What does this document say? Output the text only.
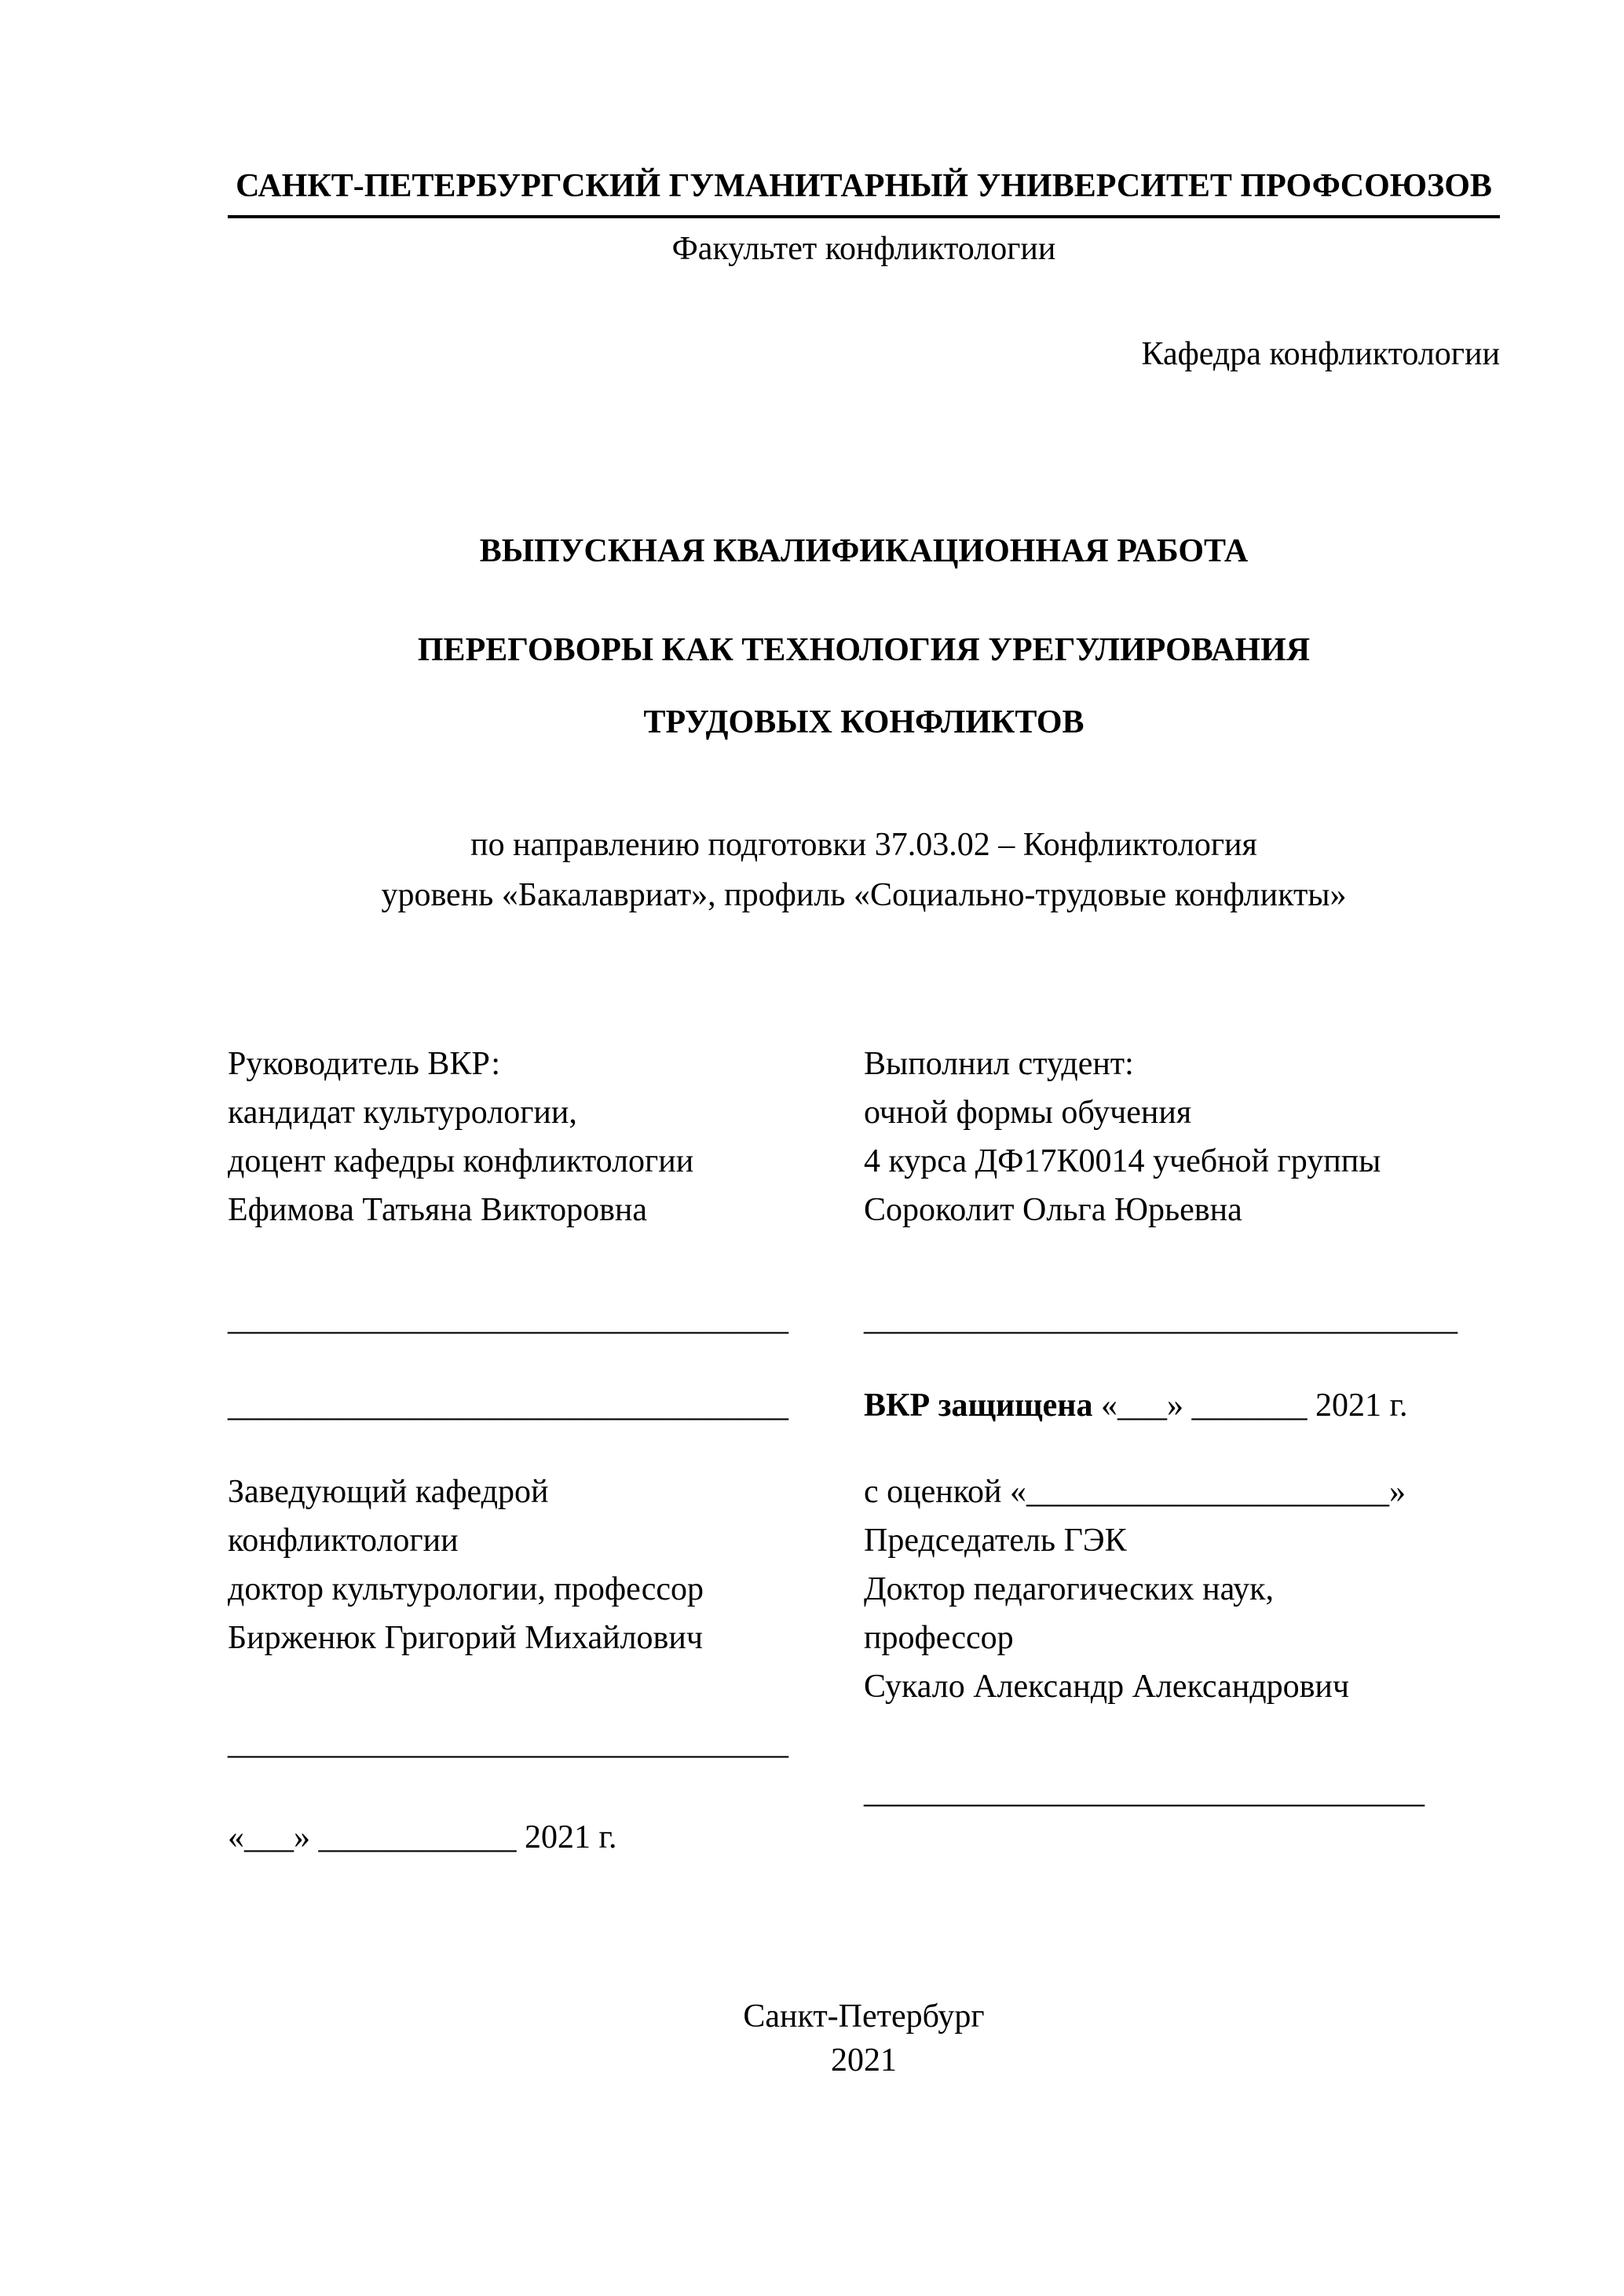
САНКТ-ПЕТЕРБУРГСКИЙ ГУМАНИТАРНЫЙ УНИВЕРСИТЕТ ПРОФСОЮЗОВ
Факультет конфликтологии
Кафедра конфликтологии
ВЫПУСКНАЯ КВАЛИФИКАЦИОННАЯ РАБОТА
ПЕРЕГОВОРЫ КАК ТЕХНОЛОГИЯ УРЕГУЛИРОВАНИЯ
ТРУДОВЫХ КОНФЛИКТОВ
по направлению подготовки 37.03.02 – Конфликтология
уровень «Бакалавриат», профиль «Социально-трудовые конфликты»
Руководитель ВКР:
кандидат культурологии,
доцент кафедры конфликтологии
Ефимова Татьяна Викторовна
__________________________________
__________________________________
Заведующий кафедрой
конфликтологии
доктор культурологии, профессор
Бирженюк Григорий Михайлович
__________________________________
«___» ____________ 2021 г.
Выполнил студент:
очной формы обучения
4 курса ДФ17К0014 учебной группы
Сороколит Ольга Юрьевна
____________________________________
ВКР защищена «___» _______ 2021 г.
с оценкой «______________________»
Председатель ГЭК
Доктор педагогических наук,
профессор
Сукало Александр Александрович
__________________________________
Санкт-Петербург
2021
